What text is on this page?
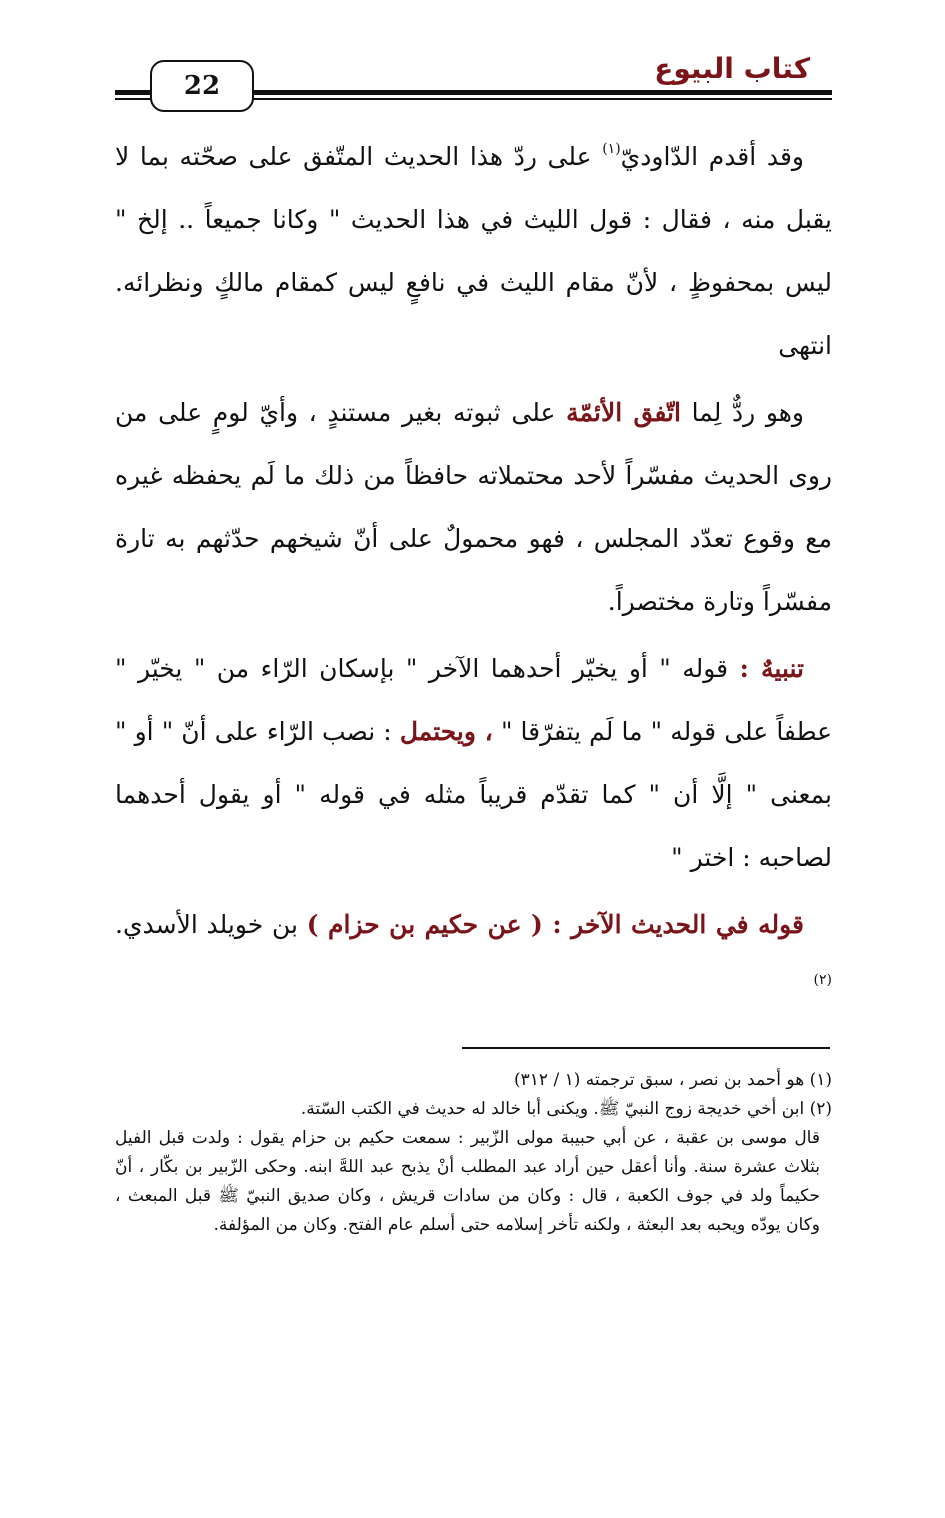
كتاب البيوع
22

وقد أقدم الدّاوديّ$^{(١)}$ على ردّ هذا الحديث المتّفق على صحّته بما لا يقبل منه ، فقال : قول الليث في هذا الحديث " وكانا جميعاً .. إلخ " ليس بمحفوظٍ ، لأنّ مقام الليث في نافعٍ ليس كمقام مالكٍ ونظرائه. انتهى

وهو ردٌّ لِما اتّفق الأئمّة على ثبوته بغير مستندٍ ، وأيّ لومٍ على من روى الحديث مفسّراً لأحد محتملاته حافظاً من ذلك ما لَم يحفظه غيره مع وقوع تعدّد المجلس ، فهو محمولٌ على أنّ شيخهم حدّثهم به تارة مفسّراً وتارة مختصراً.

تنبيهٌ : قوله " أو يخيّر أحدهما الآخر " بإسكان الرّاء من " يخيّر " عطفاً على قوله " ما لَم يتفرّقا " ، ويحتمل : نصب الرّاء على أنّ " أو " بمعنى " إلَّا أن " كما تقدّم قريباً مثله في قوله " أو يقول أحدهما لصاحبه : اختر "

قوله في الحديث الآخر : ( عن حكيم بن حزام ) بن خويلد الأسدي.$^{(٢)}$

(١) هو أحمد بن نصر ، سبق ترجمته (١ / ٣١٢)

(٢) ابن أخي خديجة زوج النبيّ ﷺ. ويكنى أبا خالد له حديث في الكتب السّتة.

قال موسى بن عقبة ، عن أبي حبيبة مولى الزّبير : سمعت حكيم بن حزام يقول : ولدت قبل الفيل بثلاث عشرة سنة. وأنا أعقل حين أراد عبد المطلب أنْ يذبح عبد اللهَّ ابنه. وحكى الزّبير بن بكّار ، أنّ حكيماً ولد في جوف الكعبة ، قال : وكان من سادات قريش ، وكان صديق النبيّ ﷺ قبل المبعث ، وكان يودّه ويحبه بعد البعثة ، ولكنه تأخر إسلامه حتى أسلم عام الفتح. وكان من المؤلفة.
